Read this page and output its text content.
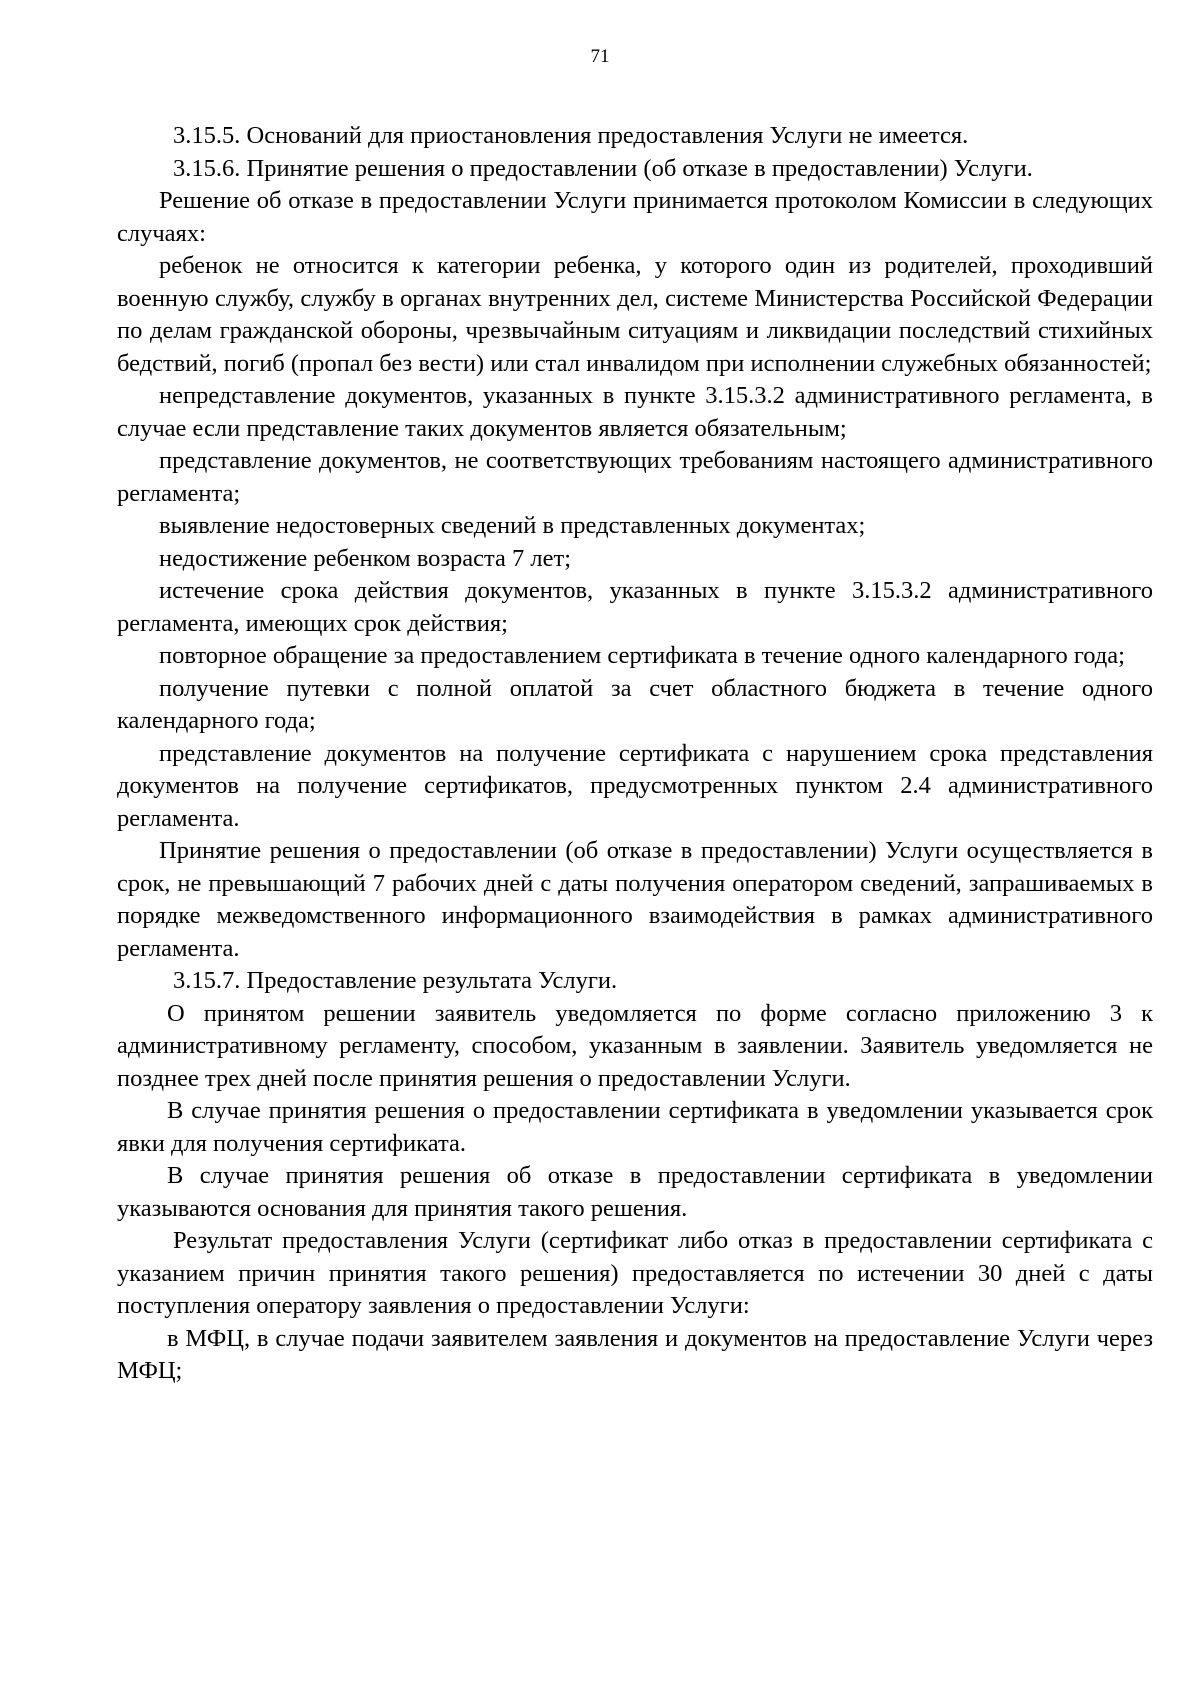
71

3.15.5. Оснований для приостановления предоставления Услуги не имеется.

3.15.6. Принятие решения о предоставлении (об отказе в предоставлении) Услуги.

Решение об отказе в предоставлении Услуги принимается протоколом Комиссии в следующих случаях:

ребенок не относится к категории ребенка, у которого один из родителей, проходивший военную службу, службу в органах внутренних дел, системе Министерства Российской Федерации по делам гражданской обороны, чрезвычайным ситуациям и ликвидации последствий стихийных бедствий, погиб (пропал без вести) или стал инвалидом при исполнении служебных обязанностей;

непредставление документов, указанных в пункте 3.15.3.2 административного регламента, в случае если представление таких документов является обязательным;

представление документов, не соответствующих требованиям настоящего административного регламента;

выявление недостоверных сведений в представленных документах;

недостижение ребенком возраста 7 лет;

истечение срока действия документов, указанных в пункте 3.15.3.2 административного регламента, имеющих срок действия;

повторное обращение за предоставлением сертификата в течение одного календарного года;

получение путевки с полной оплатой за счет областного бюджета в течение одного календарного года;

представление документов на получение сертификата с нарушением срока представления документов на получение сертификатов, предусмотренных пунктом 2.4 административного регламента.

Принятие решения о предоставлении (об отказе в предоставлении) Услуги осуществляется в срок, не превышающий 7 рабочих дней с даты получения оператором сведений, запрашиваемых в порядке межведомственного информационного взаимодействия в рамках административного регламента.

3.15.7. Предоставление результата Услуги.

О принятом решении заявитель уведомляется по форме согласно приложению 3 к административному регламенту, способом, указанным в заявлении. Заявитель уведомляется не позднее трех дней после принятия решения о предоставлении Услуги.

В случае принятия решения о предоставлении сертификата в уведомлении указывается срок явки для получения сертификата.

В случае принятия решения об отказе в предоставлении сертификата в уведомлении указываются основания для принятия такого решения.

Результат предоставления Услуги (сертификат либо отказ в предоставлении сертификата с указанием причин принятия такого решения) предоставляется по истечении 30 дней с даты поступления оператору заявления о предоставлении Услуги:

в МФЦ, в случае подачи заявителем заявления и документов на предоставление Услуги через МФЦ;
